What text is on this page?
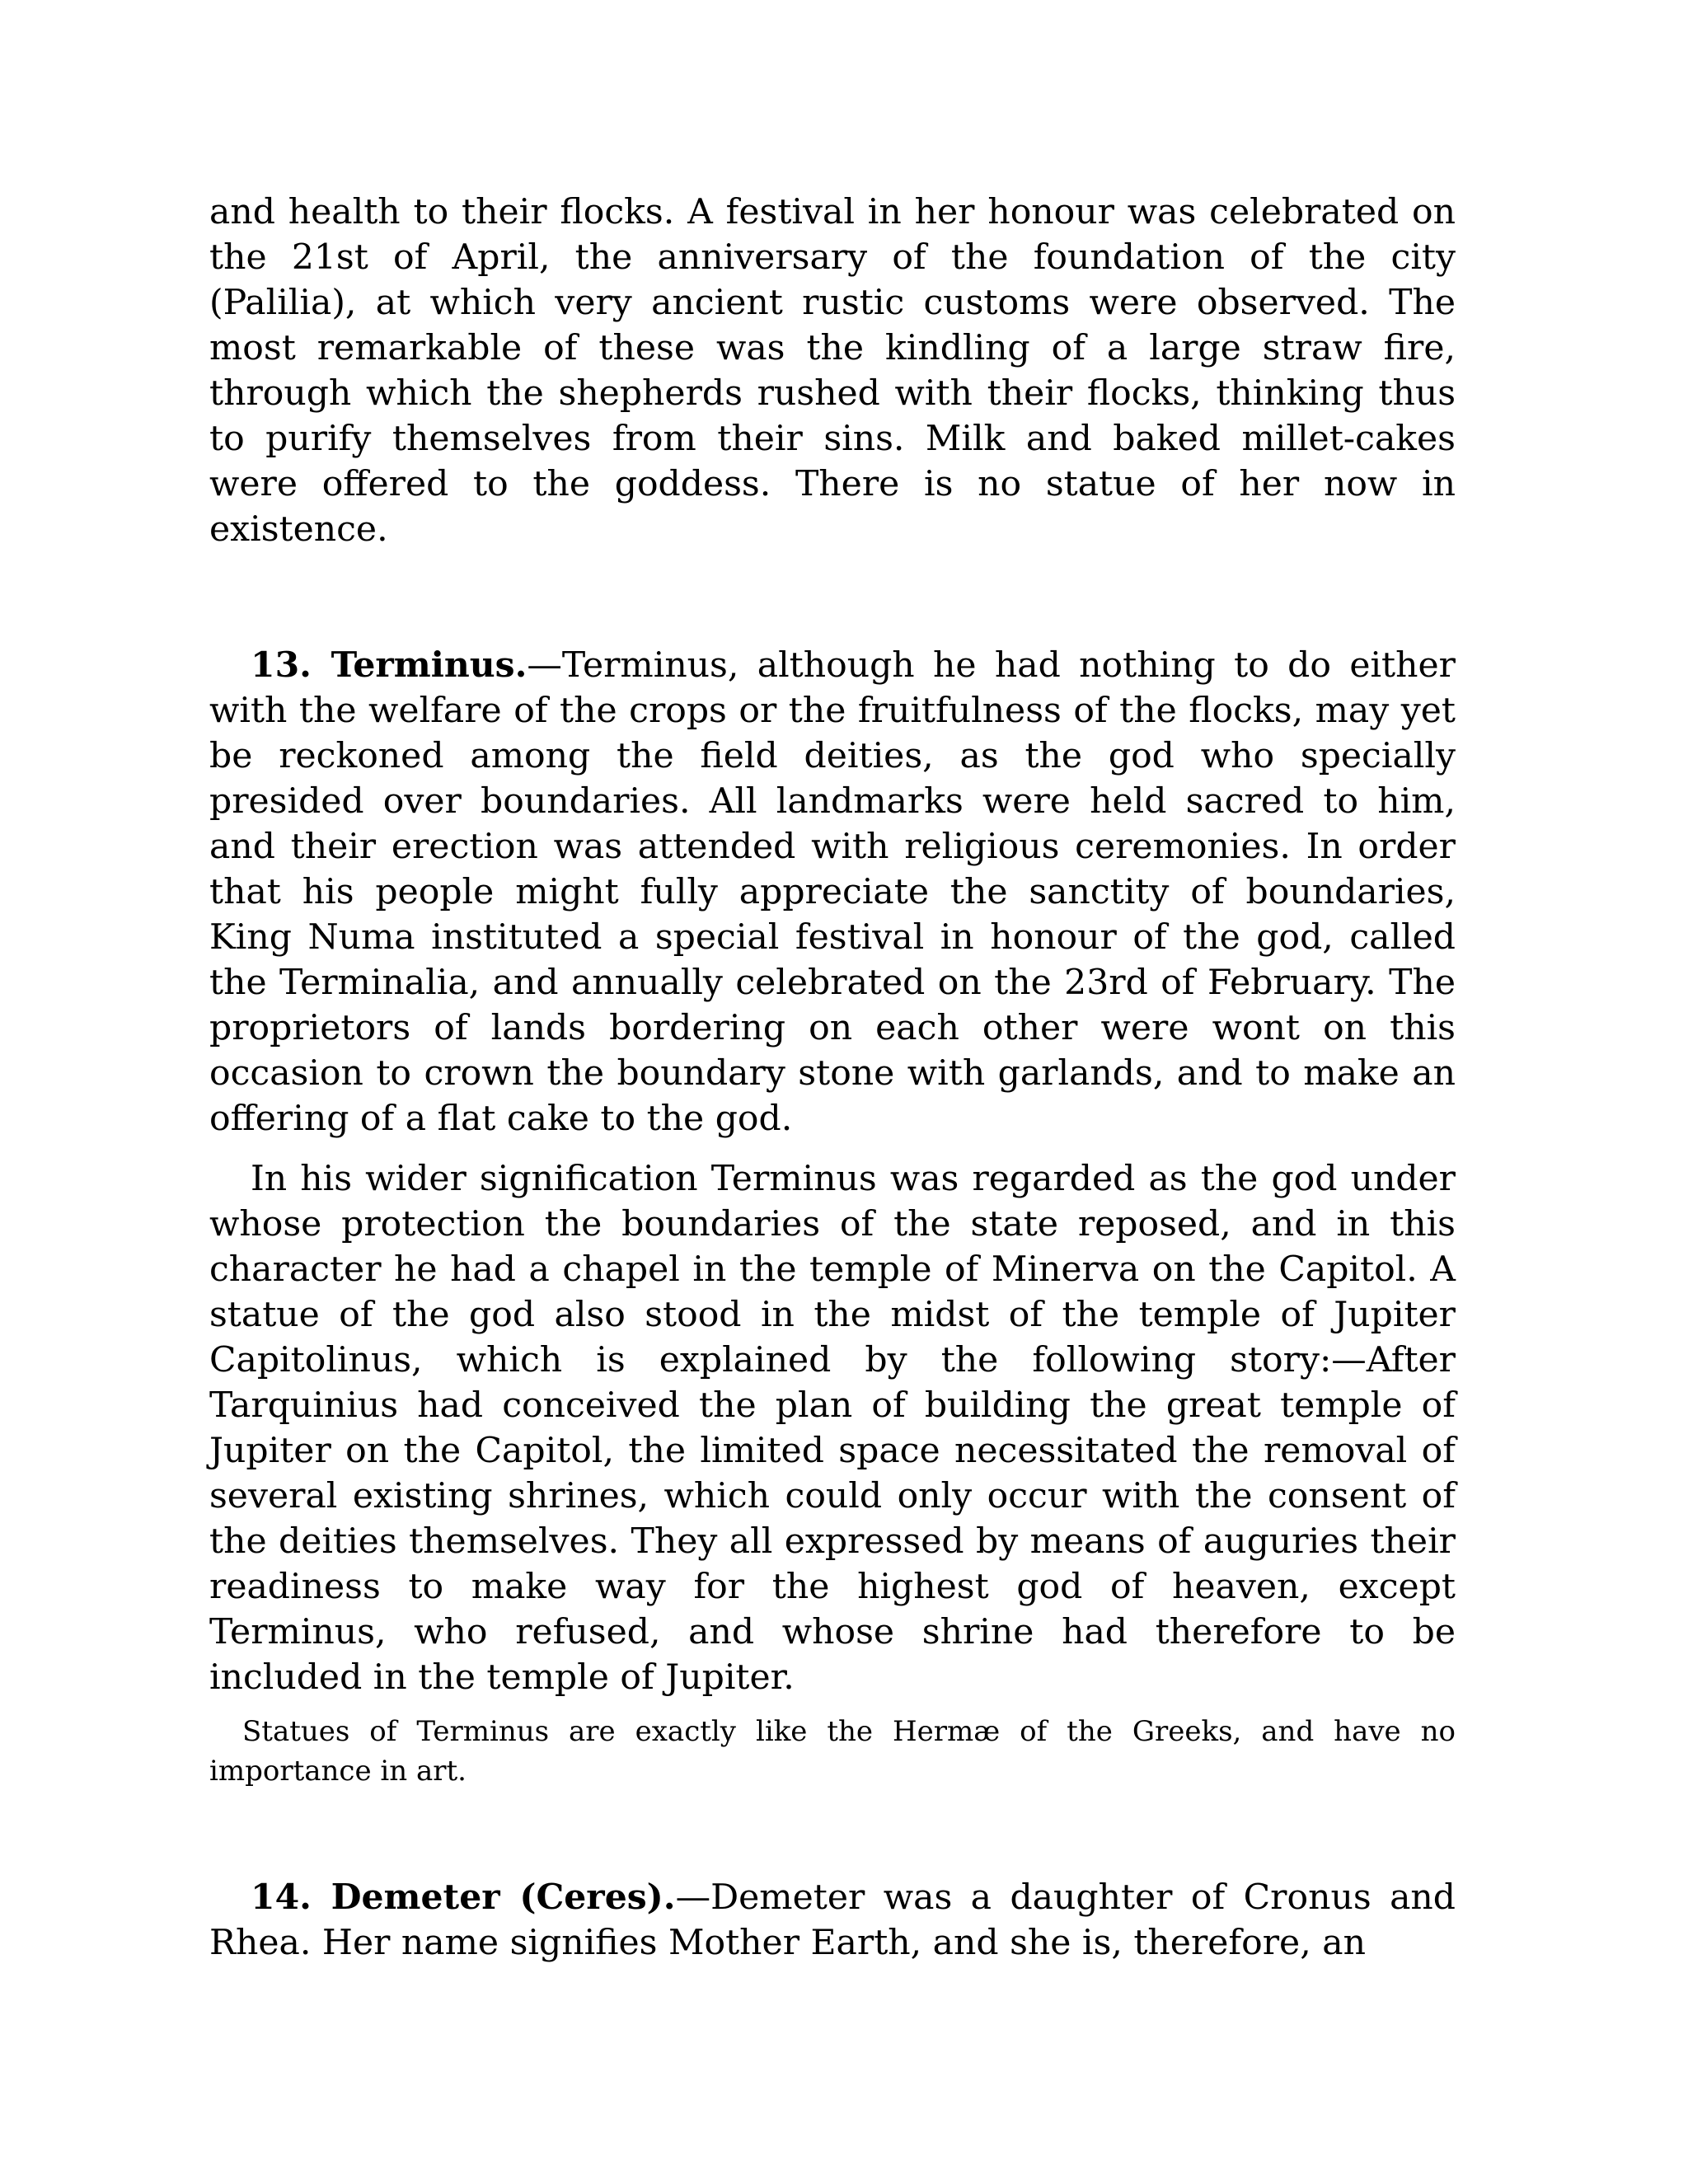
and health to their flocks. A festival in her honour was celebrated on the 21st of April, the anniversary of the foundation of the city (Palilia), at which very ancient rustic customs were observed. The most remarkable of these was the kindling of a large straw fire, through which the shepherds rushed with their flocks, thinking thus to purify themselves from their sins. Milk and baked millet-cakes were offered to the goddess. There is no statue of her now in existence.

13. Terminus.—Terminus, although he had nothing to do either with the welfare of the crops or the fruitfulness of the flocks, may yet be reckoned among the field deities, as the god who specially presided over boundaries. All landmarks were held sacred to him, and their erection was attended with religious ceremonies. In order that his people might fully appreciate the sanctity of boundaries, King Numa instituted a special festival in honour of the god, called the Terminalia, and annually celebrated on the 23rd of February. The proprietors of lands bordering on each other were wont on this occasion to crown the boundary stone with garlands, and to make an offering of a flat cake to the god.

In his wider signification Terminus was regarded as the god under whose protection the boundaries of the state reposed, and in this character he had a chapel in the temple of Minerva on the Capitol. A statue of the god also stood in the midst of the temple of Jupiter Capitolinus, which is explained by the following story:—After Tarquinius had conceived the plan of building the great temple of Jupiter on the Capitol, the limited space necessitated the removal of several existing shrines, which could only occur with the consent of the deities themselves. They all expressed by means of auguries their readiness to make way for the highest god of heaven, except Terminus, who refused, and whose shrine had therefore to be included in the temple of Jupiter.

Statues of Terminus are exactly like the Hermæ of the Greeks, and have no importance in art.

14. Demeter (Ceres).—Demeter was a daughter of Cronus and Rhea. Her name signifies Mother Earth, and she is, therefore, an
